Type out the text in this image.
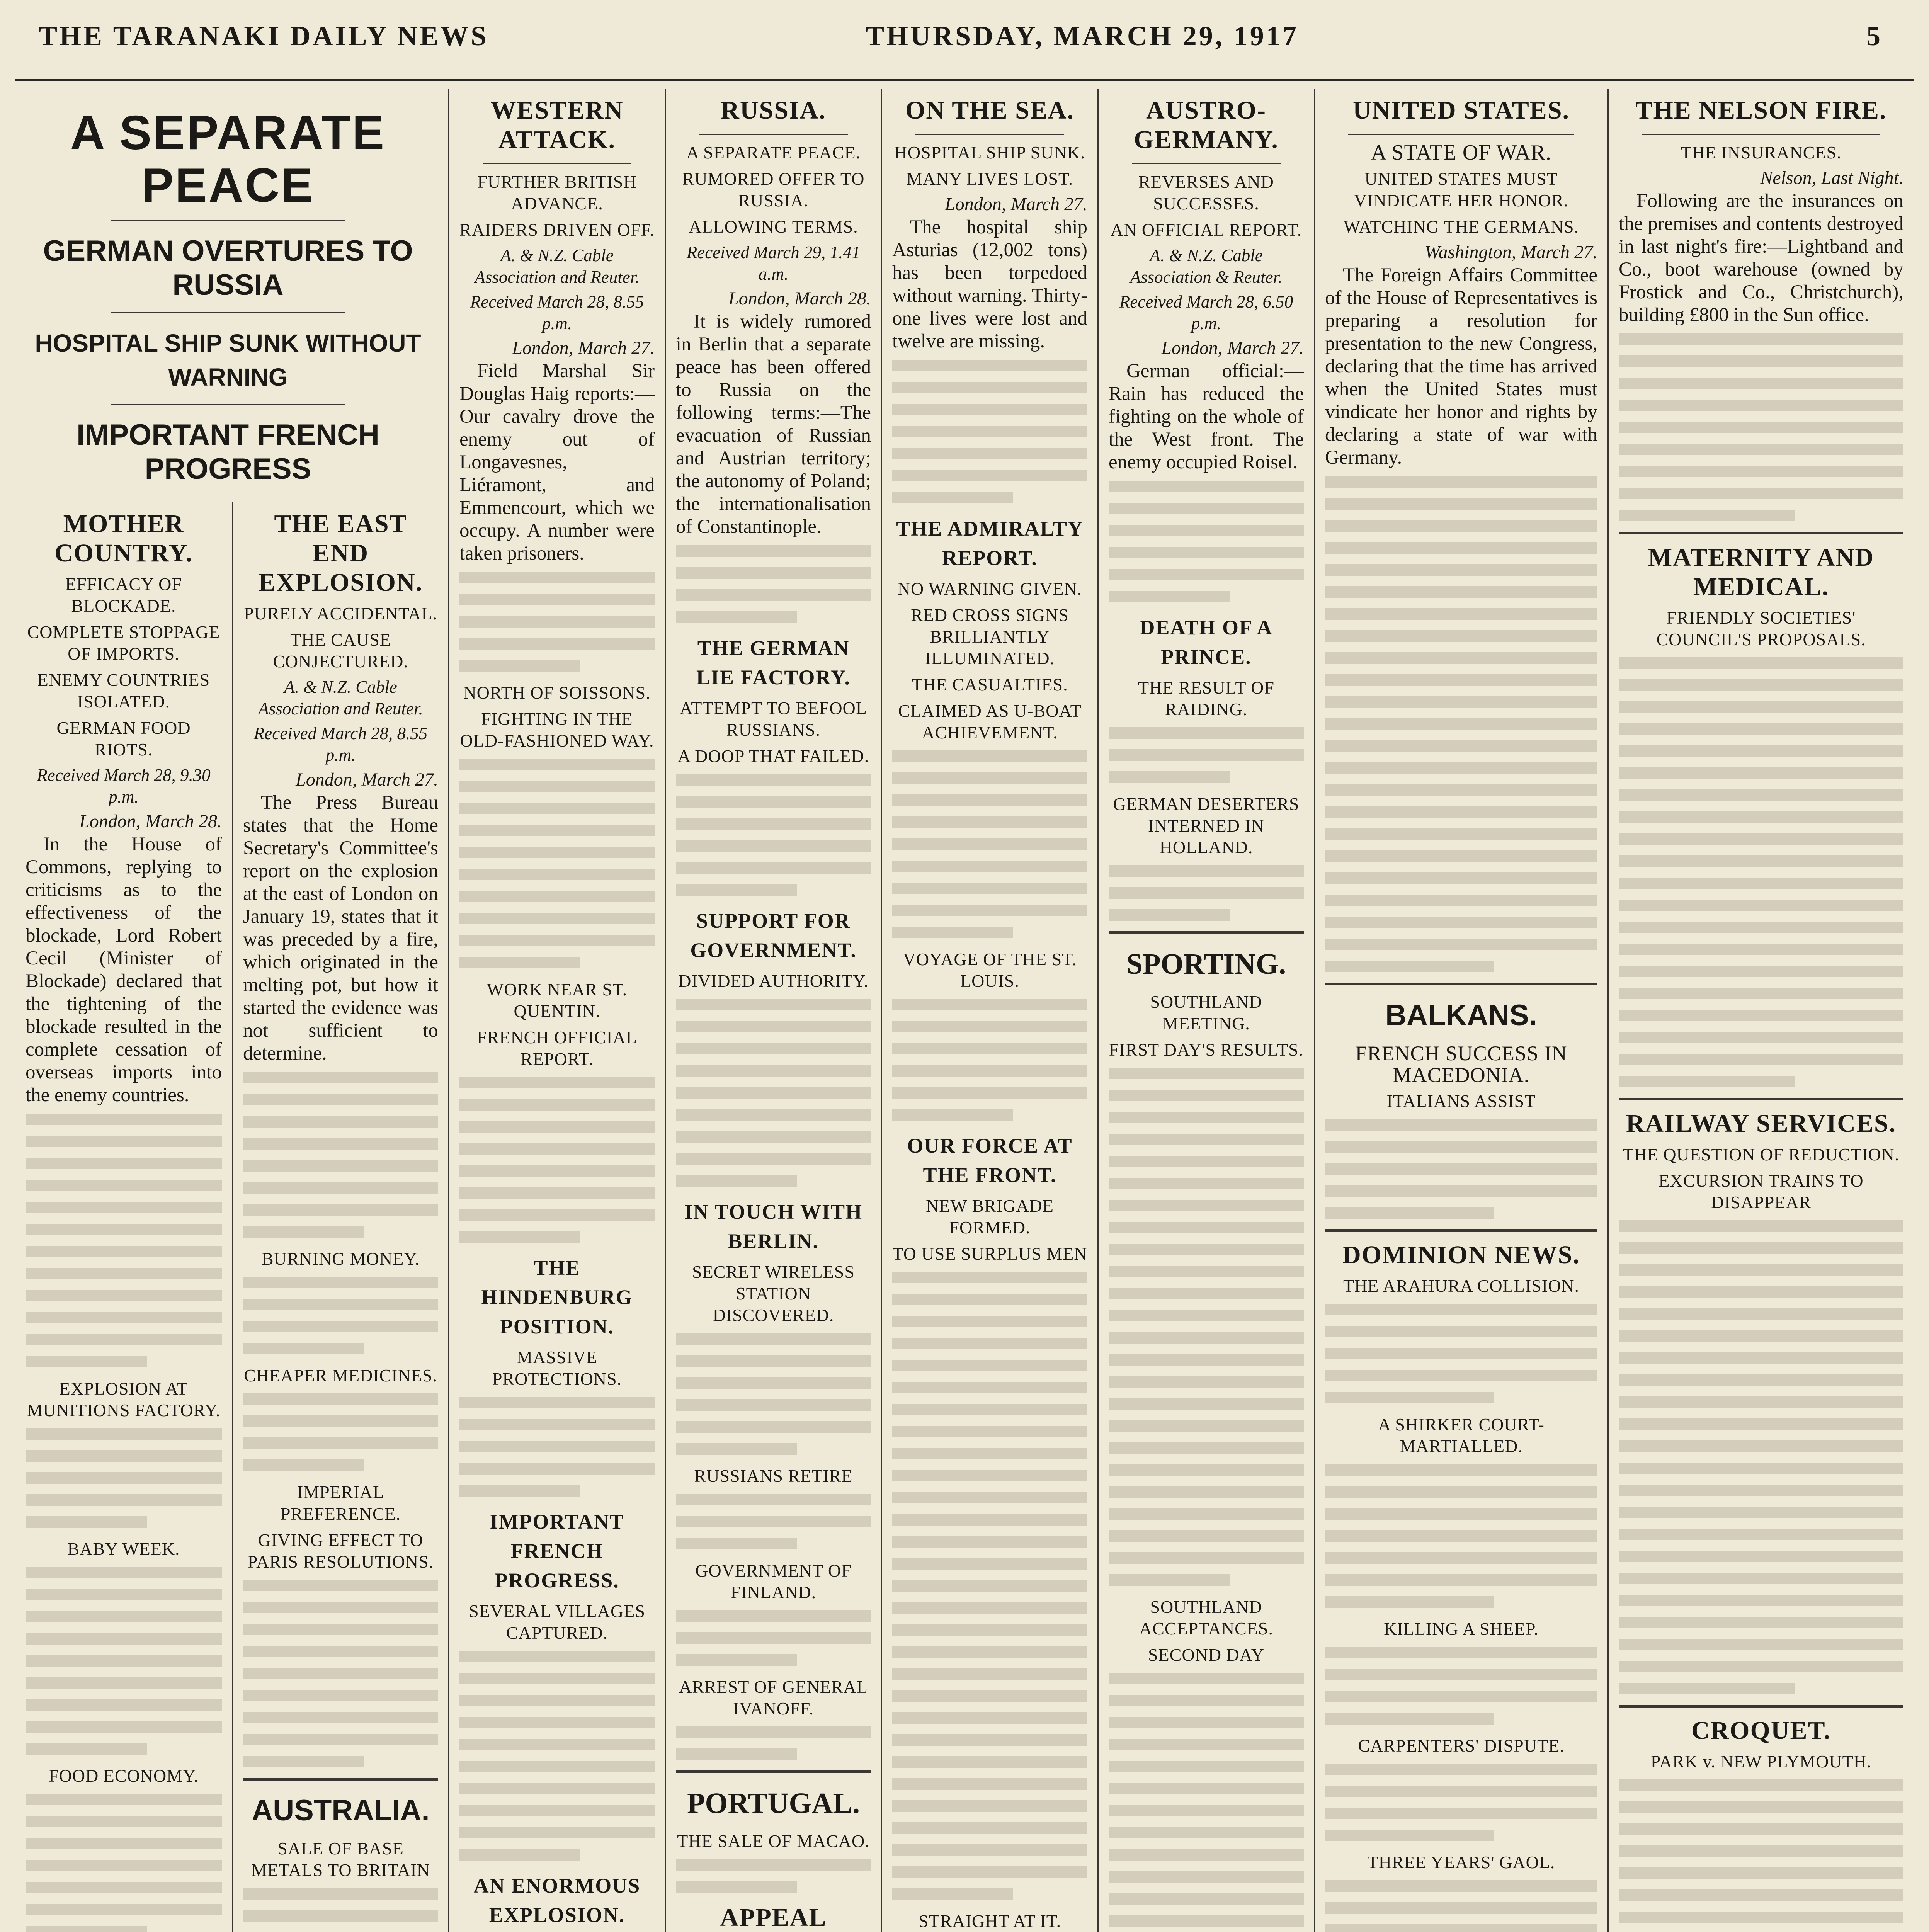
THE TARANAKI DAILY NEWS	THURSDAY, MARCH 29, 1917	5
A SEPARATE PEACE
GERMAN OVERTURES TO RUSSIA
HOSPITAL SHIP SUNK WITHOUT WARNING
IMPORTANT FRENCH PROGRESS
MOTHER COUNTRY.
EFFICACY OF BLOCKADE.
COMPLETE STOPPAGE OF IMPORTS.
ENEMY COUNTRIES ISOLATED.
GERMAN FOOD RIOTS.
Received March 28, 9.30 p.m.
London, March 28.

In the House of Commons, replying to criticisms as to the effectiveness of the blockade, Lord Robert Cecil (Minister of Blockade) declared that the tightening of the blockade resulted in the complete cessation of overseas imports into the enemy countries.

EXPLOSION AT MUNITIONS FACTORY.
BABY WEEK.
FOOD ECONOMY.
THE EAST END EXPLOSION.
PURELY ACCIDENTAL.
THE CAUSE CONJECTURED.
A. & N.Z. Cable Association and Reuter.
Received March 28, 8.55 p.m.
London, March 27.

The Press Bureau states that the Home Secretary's Committee's report on the explosion at the east of London on January 19, states that it was preceded by a fire, which originated in the melting pot, but how it started the evidence was not sufficient to determine.

BURNING MONEY.
CHEAPER MEDICINES.
IMPERIAL PREFERENCE.
GIVING EFFECT TO PARIS RESOLUTIONS.
AUSTRALIA.
SALE OF BASE METALS TO BRITAIN
WESTERN ATTACK.
FURTHER BRITISH ADVANCE.
RAIDERS DRIVEN OFF.
A. & N.Z. Cable Association and Reuter.
Received March 28, 8.55 p.m.
London, March 27.

Field Marshal Sir Douglas Haig reports:—Our cavalry drove the enemy out of Longavesnes, Liéramont, and Emmencourt, which we occupy. A number were taken prisoners.

NORTH OF SOISSONS.
FIGHTING IN THE OLD-FASHIONED WAY.
WORK NEAR ST. QUENTIN.
FRENCH OFFICIAL REPORT.
THE HINDENBURG POSITION.
MASSIVE PROTECTIONS.
IMPORTANT FRENCH PROGRESS.
SEVERAL VILLAGES CAPTURED.
AN ENORMOUS EXPLOSION.
RUSSIA.
A SEPARATE PEACE.
RUMORED OFFER TO RUSSIA.
ALLOWING TERMS.
Received March 29, 1.41 a.m.
London, March 28.

It is widely rumored in Berlin that a separate peace has been offered to Russia on the following terms:—The evacuation of Russian and Austrian territory; the autonomy of Poland; the internationalisation of Constantinople.

THE GERMAN LIE FACTORY.
ATTEMPT TO BEFOOL RUSSIANS.
A DOOP THAT FAILED.
SUPPORT FOR GOVERNMENT.
DIVIDED AUTHORITY.
IN TOUCH WITH BERLIN.
SECRET WIRELESS STATION DISCOVERED.
RUSSIANS RETIRE
GOVERNMENT OF FINLAND.
ARREST OF GENERAL IVANOFF.
PORTUGAL.
THE SALE OF MACAO.
APPEAL
ON THE SEA.
HOSPITAL SHIP SUNK.
MANY LIVES LOST.
London, March 27.

The hospital ship Asturias (12,002 tons) has been torpedoed without warning. Thirty-one lives were lost and twelve are missing.

THE ADMIRALTY REPORT.
NO WARNING GIVEN.
RED CROSS SIGNS BRILLIANTLY ILLUMINATED.
THE CASUALTIES.
CLAIMED AS U-BOAT ACHIEVEMENT.
VOYAGE OF THE ST. LOUIS.
OUR FORCE AT THE FRONT.
NEW BRIGADE FORMED.
TO USE SURPLUS MEN
STRAIGHT AT IT.
AUSTRO-GERMANY.
REVERSES AND SUCCESSES.
AN OFFICIAL REPORT.
A. & N.Z. Cable Association & Reuter.
Received March 28, 6.50 p.m.
London, March 27.

German official:—Rain has reduced the fighting on the whole of the West front. The enemy occupied Roisel.

DEATH OF A PRINCE.
THE RESULT OF RAIDING.
GERMAN DESERTERS INTERNED IN HOLLAND.
SPORTING.
SOUTHLAND MEETING.
FIRST DAY'S RESULTS.
SOUTHLAND ACCEPTANCES.
SECOND DAY
UNITED STATES.
A STATE OF WAR.
UNITED STATES MUST VINDICATE HER HONOR.
WATCHING THE GERMANS.
Washington, March 27.

The Foreign Affairs Committee of the House of Representatives is preparing a resolution for presentation to the new Congress, declaring that the time has arrived when the United States must vindicate her honor and rights by declaring a state of war with Germany.

BALKANS.
FRENCH SUCCESS IN MACEDONIA.
ITALIANS ASSIST
DOMINION NEWS.
THE ARAHURA COLLISION.
A SHIRKER COURT-MARTIALLED.
KILLING A SHEEP.
CARPENTERS' DISPUTE.
THREE YEARS' GAOL.
THE NELSON FIRE.
THE INSURANCES.
Nelson, Last Night.

Following are the insurances on the premises and contents destroyed in last night's fire:—Lightband and Co., boot warehouse (owned by Frostick and Co., Christchurch), building £800 in the Sun office.

MATERNITY AND MEDICAL.
FRIENDLY SOCIETIES' COUNCIL'S PROPOSALS.
RAILWAY SERVICES.
THE QUESTION OF REDUCTION.
EXCURSION TRAINS TO DISAPPEAR
CROQUET.
PARK v. NEW PLYMOUTH.
